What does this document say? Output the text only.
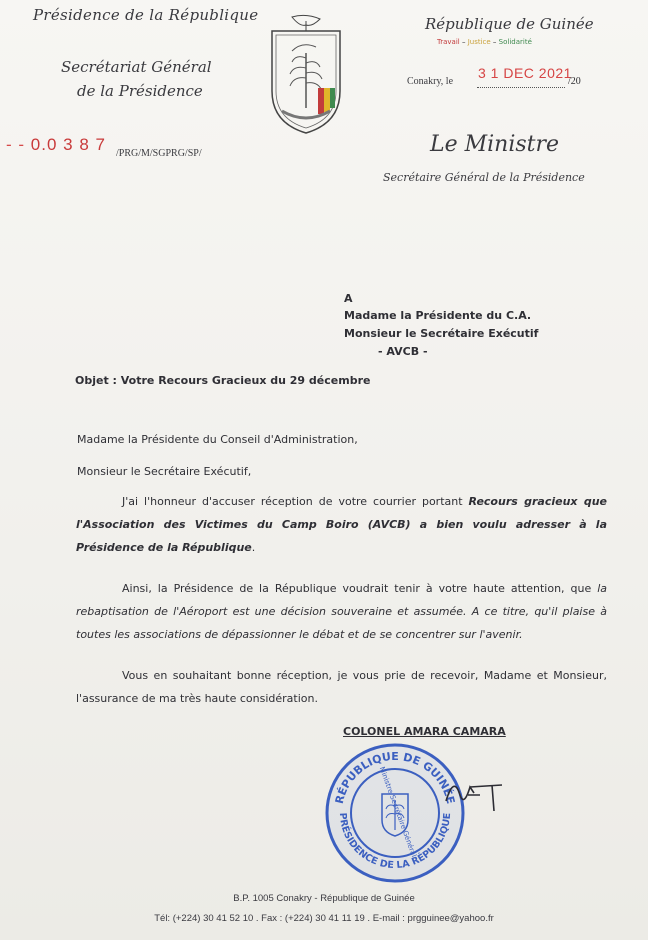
Présidence de la République
Secrétariat Général
de la Présidence
- - 0.0 3 8 7 /PRG/M/SGPRG/SP/
République de Guinée
Travail – Justice – Solidarité
Conakry, le
3 1 DEC 2021
/20
Le Ministre
Secrétaire Général de la Présidence
A
Madame la Présidente du C.A.
Monsieur le Secrétaire Exécutif
- AVCB -
Objet : Votre Recours Gracieux du 29 décembre
Madame la Présidente du Conseil d'Administration,
Monsieur le Secrétaire Exécutif,
J'ai l'honneur d'accuser réception de votre courrier portant Recours gracieux que l'Association des Victimes du Camp Boiro (AVCB) a bien voulu adresser à la Présidence de la République.
Ainsi, la Présidence de la République voudrait tenir à votre haute attention, que la rebaptisation de l'Aéroport est une décision souveraine et assumée. A ce titre, qu'il plaise à toutes les associations de dépassionner le débat et de se concentrer sur l'avenir.
Vous en souhaitant bonne réception, je vous prie de recevoir, Madame et Monsieur, l'assurance de ma très haute considération.
COLONEL AMARA CAMARA
RÉPUBLIQUE DE GUINÉE
PRÉSIDENCE DE LA RÉPUBLIQUE
Ministre Secrétaire Général
B.P. 1005 Conakry - République de Guinée
Tél: (+224) 30 41 52 10 . Fax : (+224) 30 41 11 19 . E-mail : prgguinee@yahoo.fr
